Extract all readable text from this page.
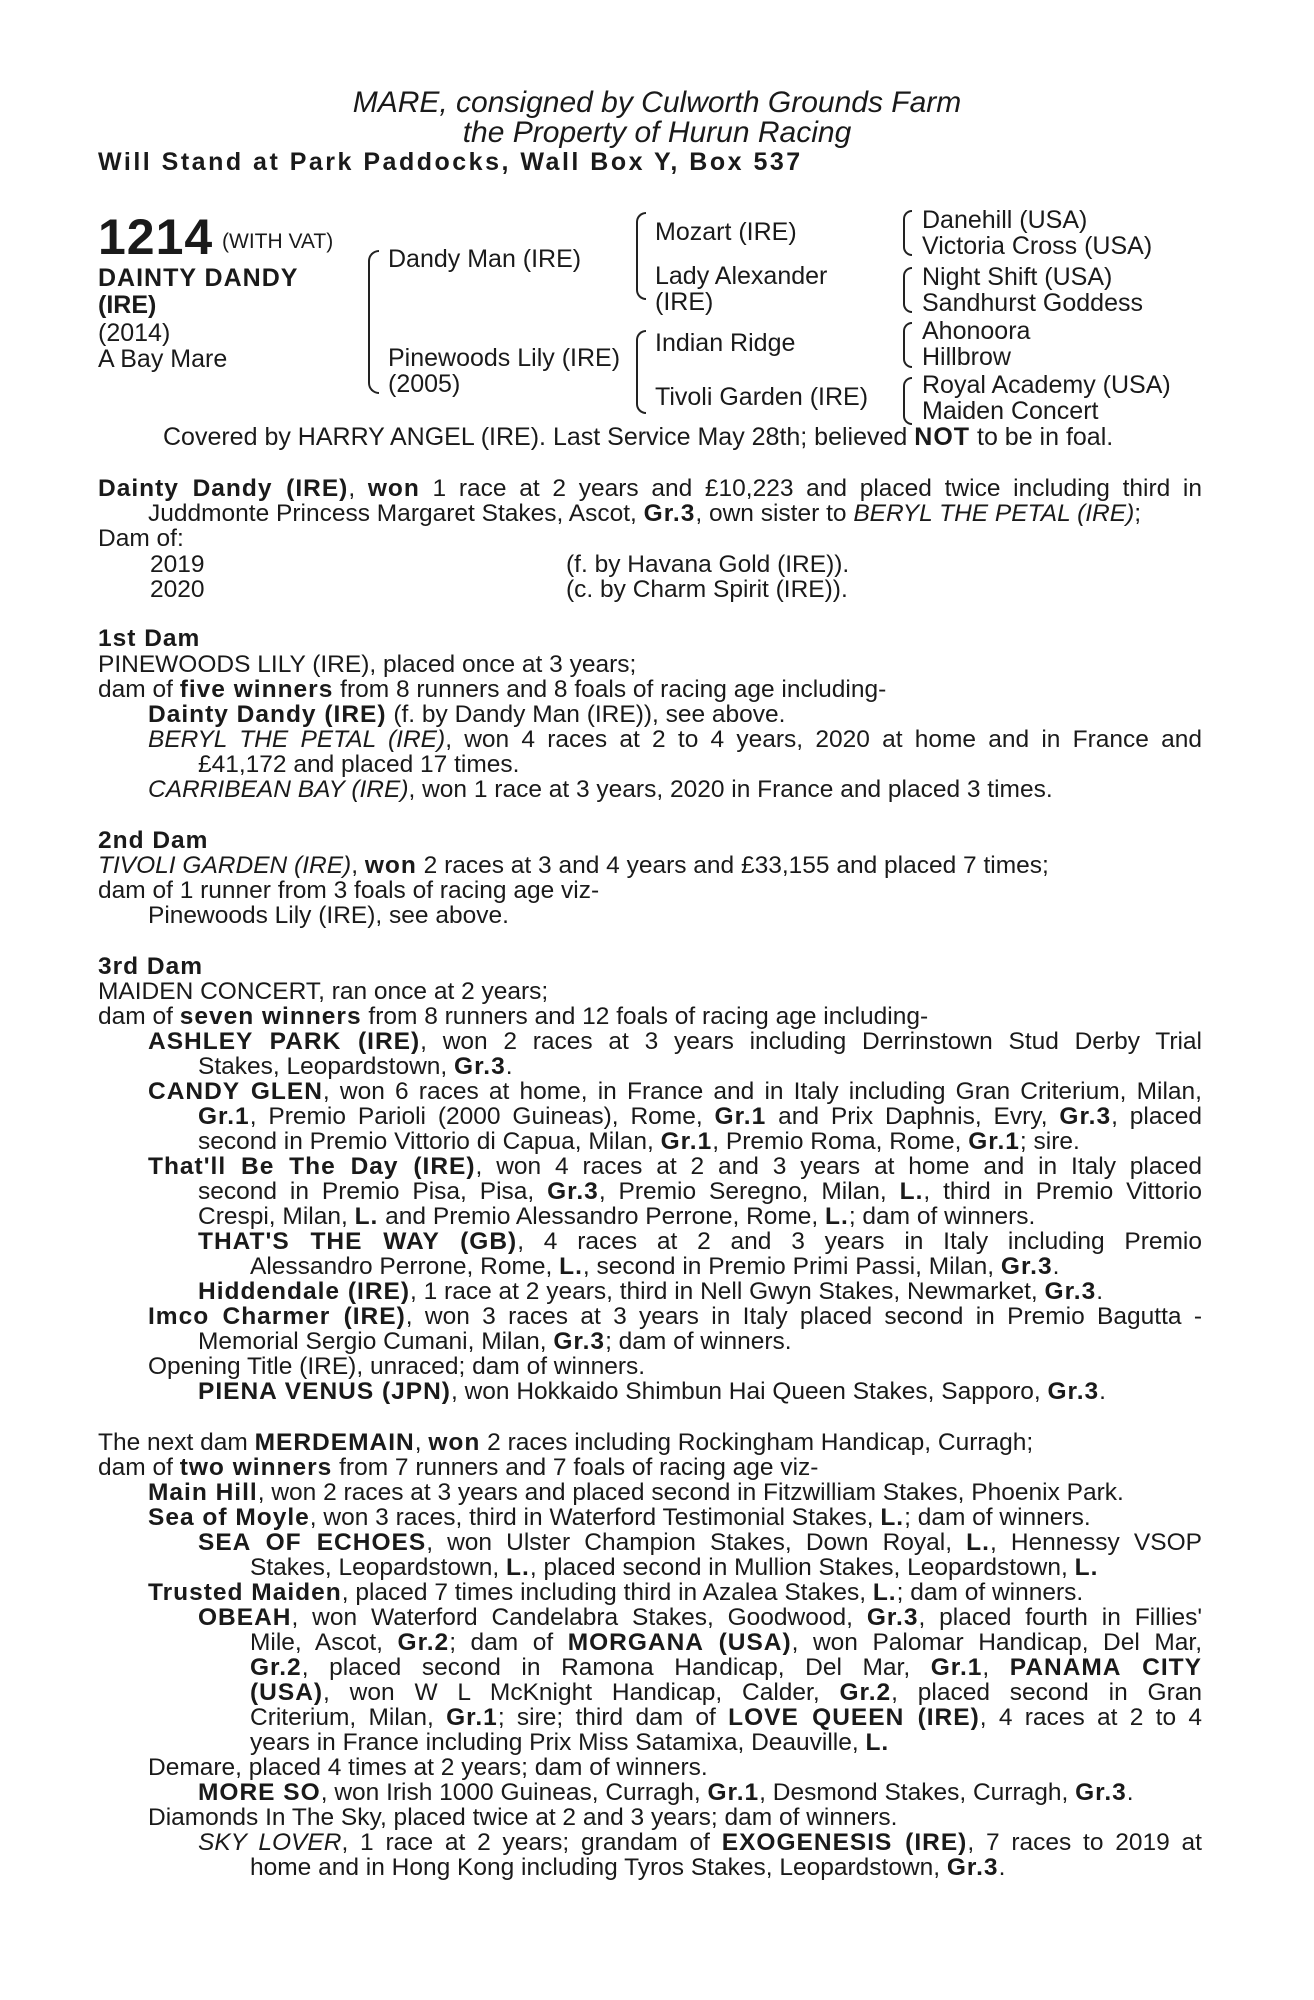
MARE, consigned by Culworth Grounds Farm
the Property of Hurun Racing
Will Stand at Park Paddocks, Wall Box Y, Box 537
1214 (WITH VAT)
DAINTY DANDY
(IRE)
(2014)
A Bay Mare
Dandy Man (IRE)
Pinewoods Lily (IRE)
(2005)
Mozart (IRE)
Lady Alexander
(IRE)
Indian Ridge
Tivoli Garden (IRE)
Danehill (USA)
Victoria Cross (USA)
Night Shift (USA)
Sandhurst Goddess
Ahonoora
Hillbrow
Royal Academy (USA)
Maiden Concert
Covered by HARRY ANGEL (IRE). Last Service May 28th; believed NOT to be in foal.
Dainty Dandy (IRE), won 1 race at 2 years and £10,223 and placed twice including third in
Juddmonte Princess Margaret Stakes, Ascot, Gr.3, own sister to BERYL THE PETAL (IRE);
Dam of:
2019	(f. by Havana Gold (IRE)).
2020	(c. by Charm Spirit (IRE)).
1st Dam
PINEWOODS LILY (IRE), placed once at 3 years;
dam of five winners from 8 runners and 8 foals of racing age including-
Dainty Dandy (IRE) (f. by Dandy Man (IRE)), see above.
BERYL THE PETAL (IRE), won 4 races at 2 to 4 years, 2020 at home and in France and
£41,172 and placed 17 times.
CARRIBEAN BAY (IRE), won 1 race at 3 years, 2020 in France and placed 3 times.
2nd Dam
TIVOLI GARDEN (IRE), won 2 races at 3 and 4 years and £33,155 and placed 7 times;
dam of 1 runner from 3 foals of racing age viz-
Pinewoods Lily (IRE), see above.
3rd Dam
MAIDEN CONCERT, ran once at 2 years;
dam of seven winners from 8 runners and 12 foals of racing age including-
ASHLEY PARK (IRE), won 2 races at 3 years including Derrinstown Stud Derby Trial
Stakes, Leopardstown, Gr.3.
CANDY GLEN, won 6 races at home, in France and in Italy including Gran Criterium, Milan,
Gr.1, Premio Parioli (2000 Guineas), Rome, Gr.1 and Prix Daphnis, Evry, Gr.3, placed
second in Premio Vittorio di Capua, Milan, Gr.1, Premio Roma, Rome, Gr.1; sire.
That'll Be The Day (IRE), won 4 races at 2 and 3 years at home and in Italy placed
second in Premio Pisa, Pisa, Gr.3, Premio Seregno, Milan, L., third in Premio Vittorio
Crespi, Milan, L. and Premio Alessandro Perrone, Rome, L.; dam of winners.
THAT'S THE WAY (GB), 4 races at 2 and 3 years in Italy including Premio
Alessandro Perrone, Rome, L., second in Premio Primi Passi, Milan, Gr.3.
Hiddendale (IRE), 1 race at 2 years, third in Nell Gwyn Stakes, Newmarket, Gr.3.
Imco Charmer (IRE), won 3 races at 3 years in Italy placed second in Premio Bagutta -
Memorial Sergio Cumani, Milan, Gr.3; dam of winners.
Opening Title (IRE), unraced; dam of winners.
PIENA VENUS (JPN), won Hokkaido Shimbun Hai Queen Stakes, Sapporo, Gr.3.
The next dam MERDEMAIN, won 2 races including Rockingham Handicap, Curragh;
dam of two winners from 7 runners and 7 foals of racing age viz-
Main Hill, won 2 races at 3 years and placed second in Fitzwilliam Stakes, Phoenix Park.
Sea of Moyle, won 3 races, third in Waterford Testimonial Stakes, L.; dam of winners.
SEA OF ECHOES, won Ulster Champion Stakes, Down Royal, L., Hennessy VSOP
Stakes, Leopardstown, L., placed second in Mullion Stakes, Leopardstown, L.
Trusted Maiden, placed 7 times including third in Azalea Stakes, L.; dam of winners.
OBEAH, won Waterford Candelabra Stakes, Goodwood, Gr.3, placed fourth in Fillies'
Mile, Ascot, Gr.2; dam of MORGANA (USA), won Palomar Handicap, Del Mar,
Gr.2, placed second in Ramona Handicap, Del Mar, Gr.1, PANAMA CITY
(USA), won W L McKnight Handicap, Calder, Gr.2, placed second in Gran
Criterium, Milan, Gr.1; sire; third dam of LOVE QUEEN (IRE), 4 races at 2 to 4
years in France including Prix Miss Satamixa, Deauville, L.
Demare, placed 4 times at 2 years; dam of winners.
MORE SO, won Irish 1000 Guineas, Curragh, Gr.1, Desmond Stakes, Curragh, Gr.3.
Diamonds In The Sky, placed twice at 2 and 3 years; dam of winners.
SKY LOVER, 1 race at 2 years; grandam of EXOGENESIS (IRE), 7 races to 2019 at
home and in Hong Kong including Tyros Stakes, Leopardstown, Gr.3.
